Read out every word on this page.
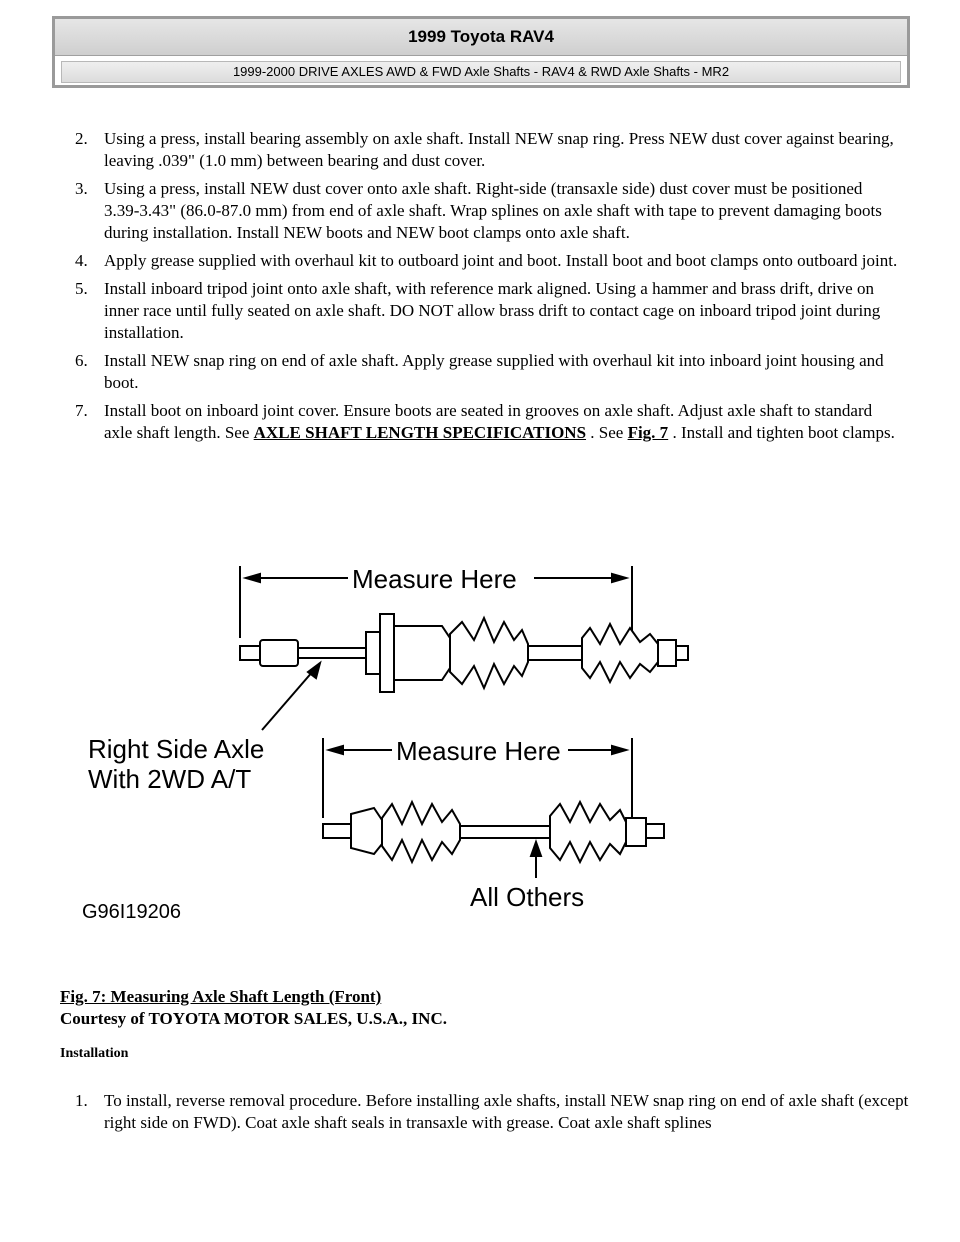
1999 Toyota RAV4
1999-2000 DRIVE AXLES AWD & FWD Axle Shafts - RAV4 & RWD Axle Shafts - MR2
2. Using a press, install bearing assembly on axle shaft. Install NEW snap ring. Press NEW dust cover against bearing, leaving .039" (1.0 mm) between bearing and dust cover.
3. Using a press, install NEW dust cover onto axle shaft. Right-side (transaxle side) dust cover must be positioned 3.39-3.43" (86.0-87.0 mm) from end of axle shaft. Wrap splines on axle shaft with tape to prevent damaging boots during installation. Install NEW boots and NEW boot clamps onto axle shaft.
4. Apply grease supplied with overhaul kit to outboard joint and boot. Install boot and boot clamps onto outboard joint.
5. Install inboard tripod joint onto axle shaft, with reference mark aligned. Using a hammer and brass drift, drive on inner race until fully seated on axle shaft. DO NOT allow brass drift to contact cage on inboard tripod joint during installation.
6. Install NEW snap ring on end of axle shaft. Apply grease supplied with overhaul kit into inboard joint housing and boot.
7. Install boot on inboard joint cover. Ensure boots are seated in grooves on axle shaft. Adjust axle shaft to standard axle shaft length. See AXLE SHAFT LENGTH SPECIFICATIONS . See Fig. 7 . Install and tighten boot clamps.
Measure Here
Right Side Axle
With 2WD A/T
Measure Here
All Others
G96I19206
Fig. 7: Measuring Axle Shaft Length (Front)
Courtesy of TOYOTA MOTOR SALES, U.S.A., INC.
Installation
1. To install, reverse removal procedure. Before installing axle shafts, install NEW snap ring on end of axle shaft (except right side on FWD). Coat axle shaft seals in transaxle with grease. Coat axle shaft splines
